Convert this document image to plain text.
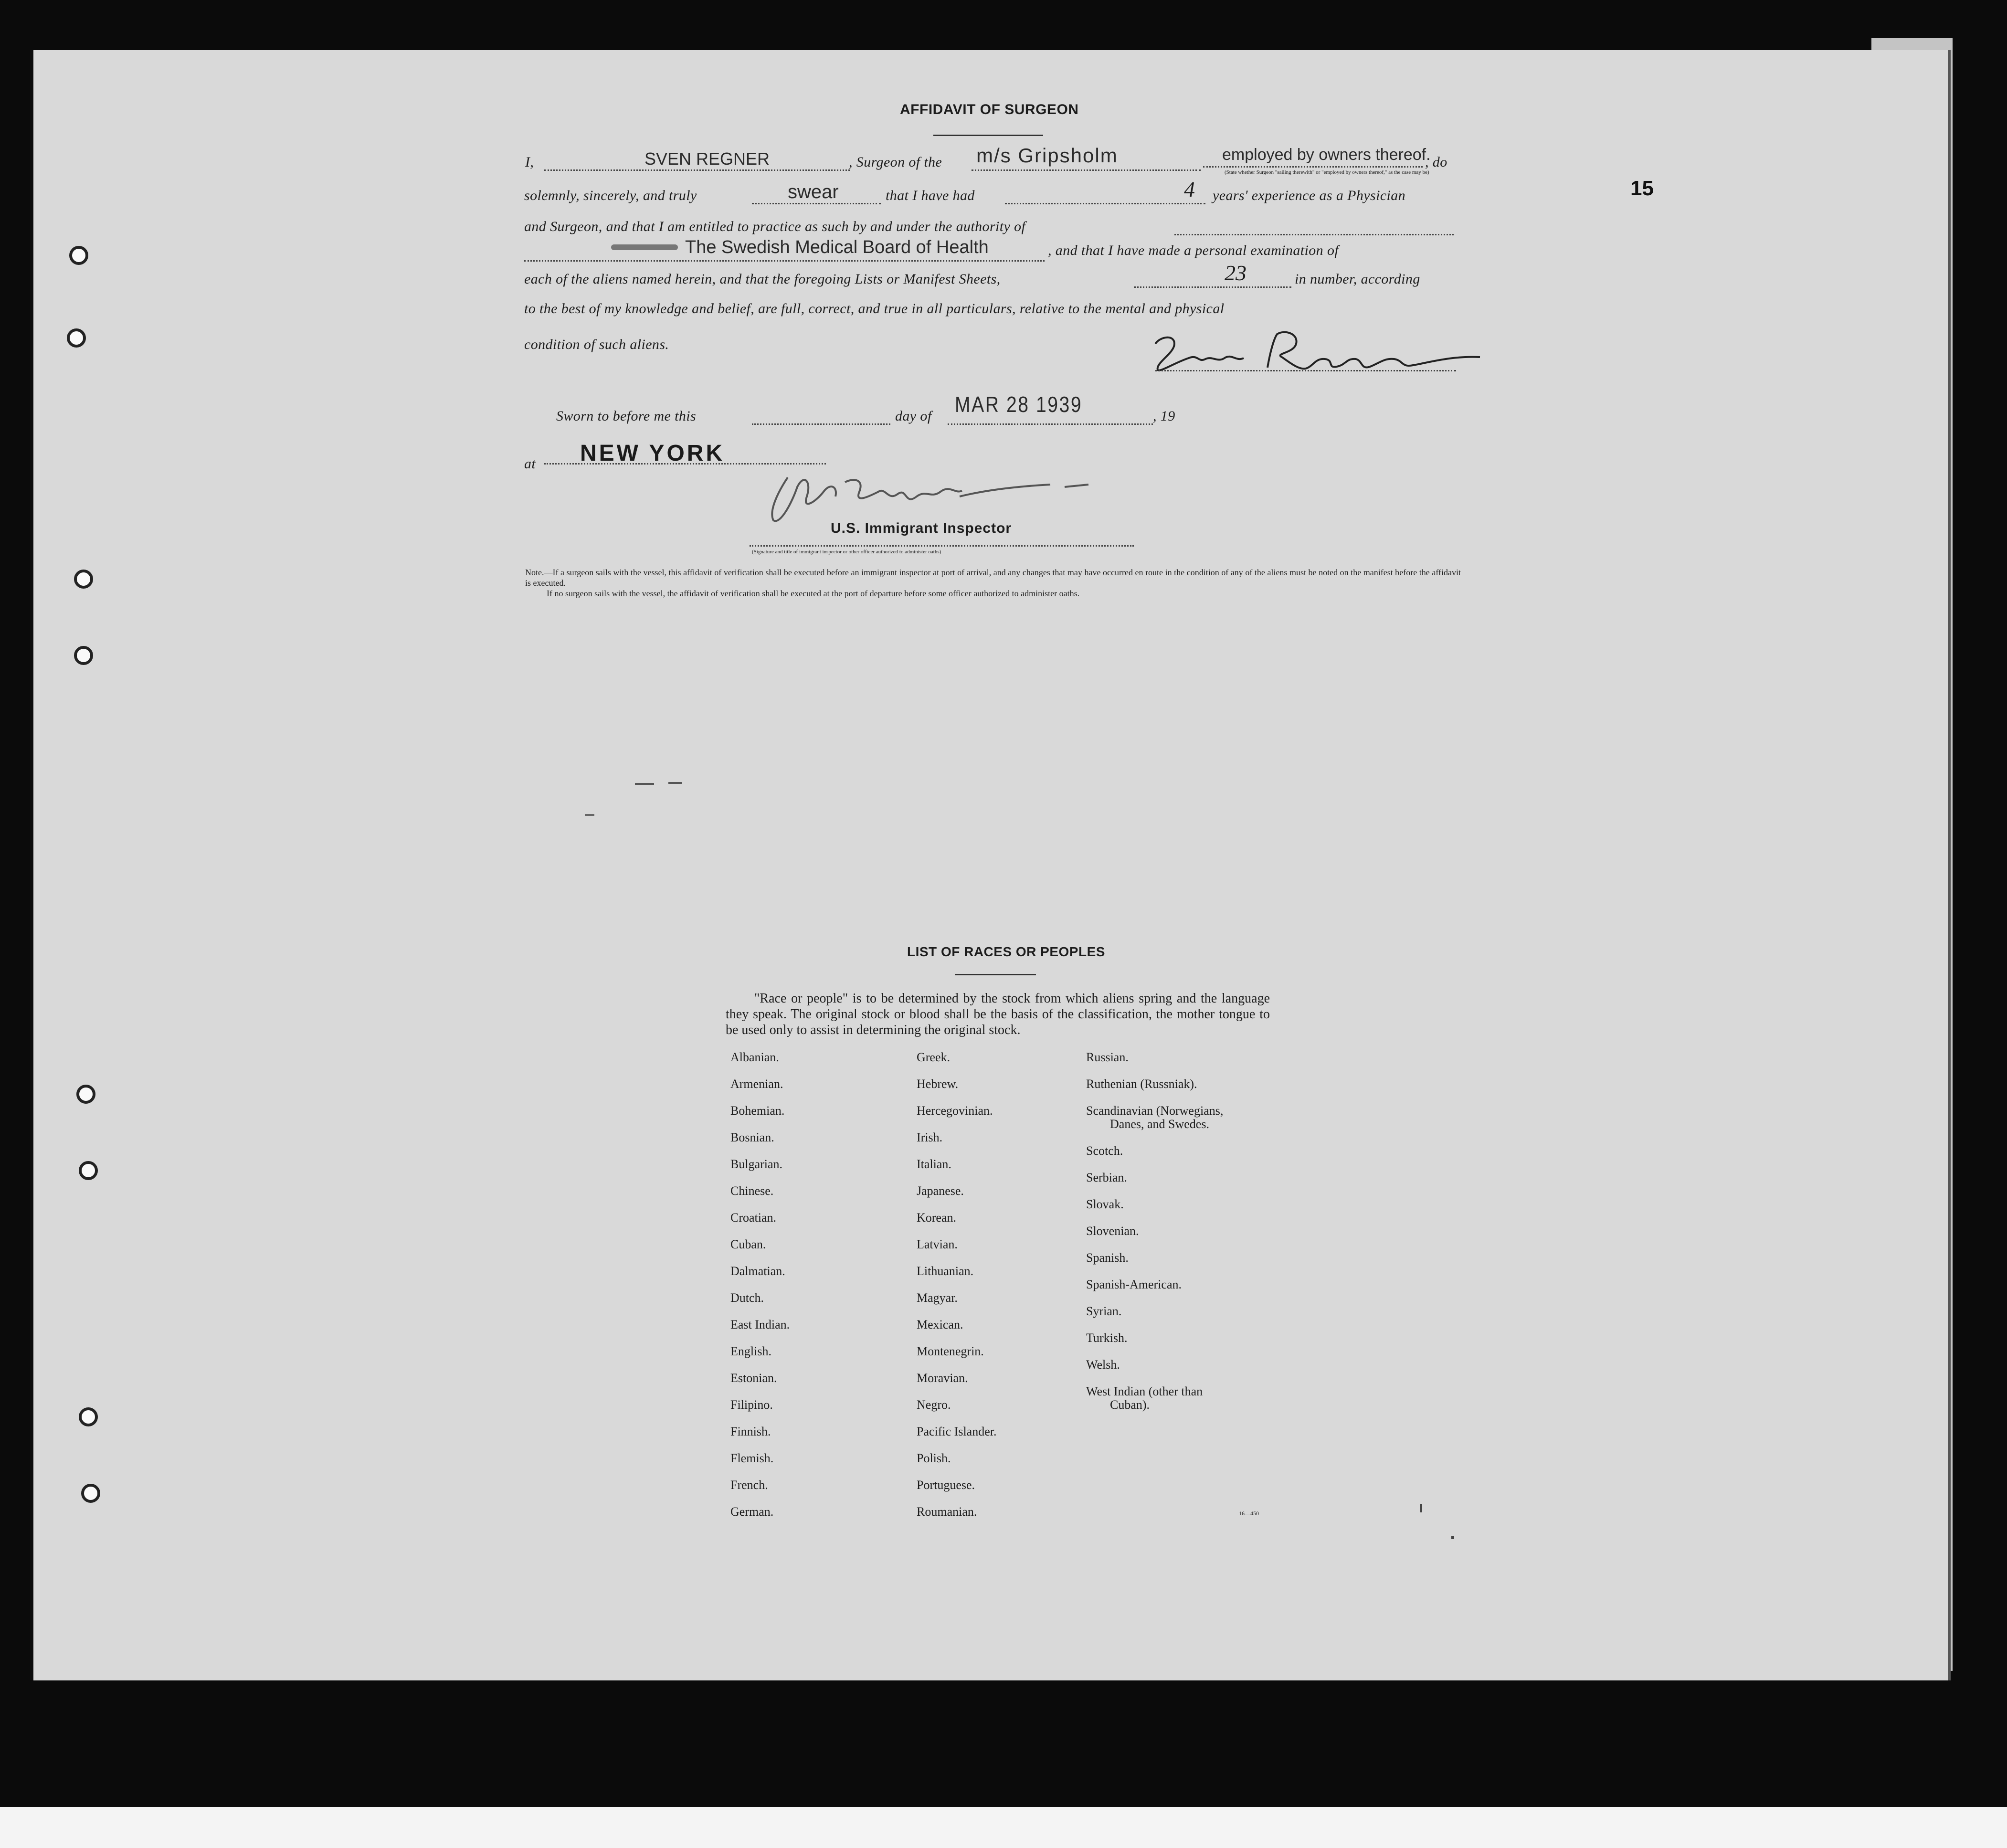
15
AFFIDAVIT OF SURGEON
I,	SVEN REGNER	, Surgeon of the m/s Gripsholm	employed by owners thereof.
(State whether Surgeon "sailing therewith" or "employed by owners thereof," as the case may be)
, do
solemnly, sincerely, and truly	swear	that I have had	4 years' experience as a Physician
and Surgeon, and that I am entitled to practice as such by and under the authority of
The Swedish Medical Board of Health	, and that I have made a personal examination of
each of the aliens named herein, and that the foregoing Lists or Manifest Sheets,	23	in number, according
to the best of my knowledge and belief, are full, correct, and true in all particulars, relative to the mental and physical
condition of such aliens.
Sworn to before me this	day of MAR 28 1939	, 19
at NEW YORK
U.S. Immigrant Inspector
(Signature and title of immigrant inspector or other officer authorized to administer oaths)
Note.—If a surgeon sails with the vessel, this affidavit of verification shall be executed before an immigrant inspector at port of arrival, and any changes that may have occurred en route in the condition of any of the aliens must be noted on the manifest before the affidavit is executed.
If no surgeon sails with the vessel, the affidavit of verification shall be executed at the port of departure before some officer authorized to administer oaths.
LIST OF RACES OR PEOPLES
"Race or people" is to be determined by the stock from which aliens spring and the language they speak. The original stock or blood shall be the basis of the classification, the mother tongue to be used only to assist in determining the original stock.
Albanian.
Armenian.
Bohemian.
Bosnian.
Bulgarian.
Chinese.
Croatian.
Cuban.
Dalmatian.
Dutch.
East Indian.
English.
Estonian.
Filipino.
Finnish.
Flemish.
French.
German.
Greek.
Hebrew.
Hercegovinian.
Irish.
Italian.
Japanese.
Korean.
Latvian.
Lithuanian.
Magyar.
Mexican.
Montenegrin.
Moravian.
Negro.
Pacific Islander.
Polish.
Portuguese.
Roumanian.
Russian.
Ruthenian (Russniak).
Scandinavian (Norwegians,
Danes, and Swedes.
Scotch.
Serbian.
Slovak.
Slovenian.
Spanish.
Spanish-American.
Syrian.
Turkish.
Welsh.
West Indian (other than
Cuban).
16—450
